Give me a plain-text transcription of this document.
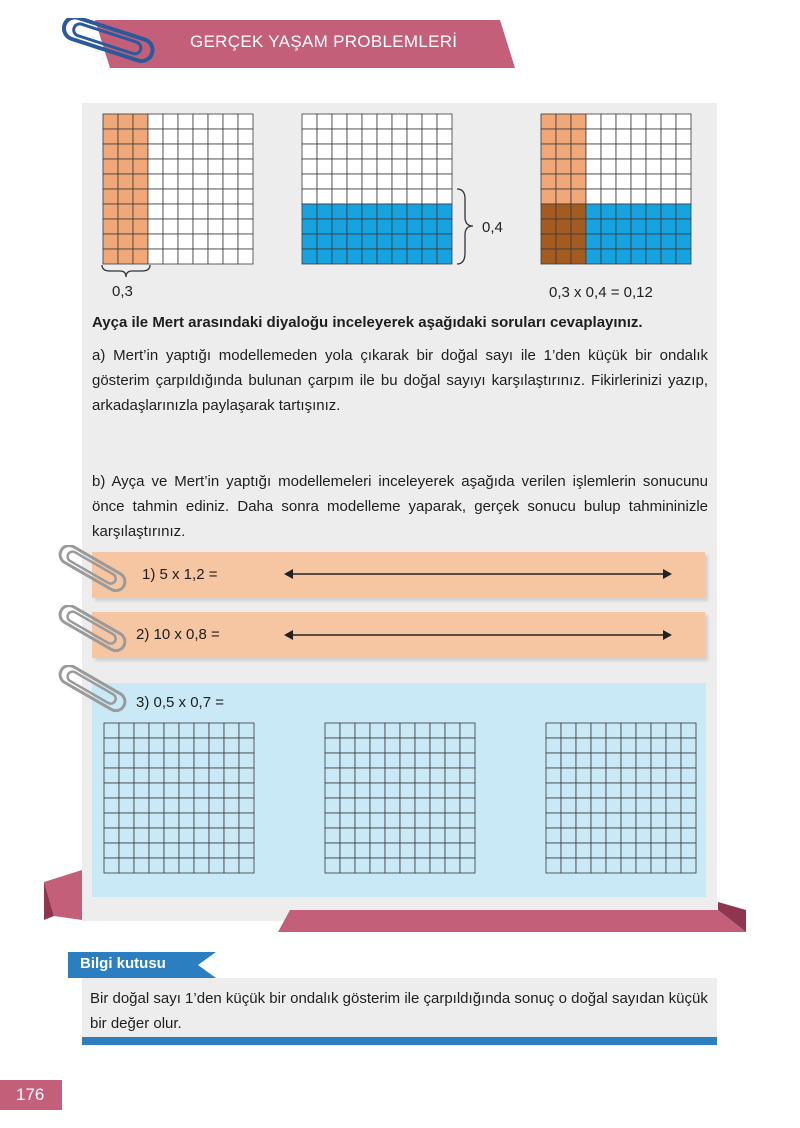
GERÇEK YAŞAM PROBLEMLERİ
0,3
0,4
0,3 x 0,4 = 0,12
Ayça ile Mert arasındaki diyaloğu inceleyerek aşağıdaki soruları cevaplayınız.
a) Mert’in yaptığı modellemeden yola çıkarak bir doğal sayı ile 1’den küçük bir ondalık gösterim çarpıldığında bulunan çarpım ile bu doğal sayıyı karşılaştırınız. Fikirlerinizi yazıp, arkadaşlarınızla paylaşarak tartışınız.
b) Ayça ve Mert’in yaptığı modellemeleri inceleyerek aşağıda verilen işlemlerin sonucunu önce tahmin ediniz. Daha sonra modelleme yaparak, gerçek sonucu bulup tahmininizle karşılaştırınız.
1) 5 x 1,2 =
2) 10 x 0,8 =
3) 0,5 x 0,7 =
Bir doğal sayı 1’den küçük bir ondalık gösterim ile çarpıldığında sonuç o doğal sayıdan küçük bir değer olur.
Bilgi kutusu
176
